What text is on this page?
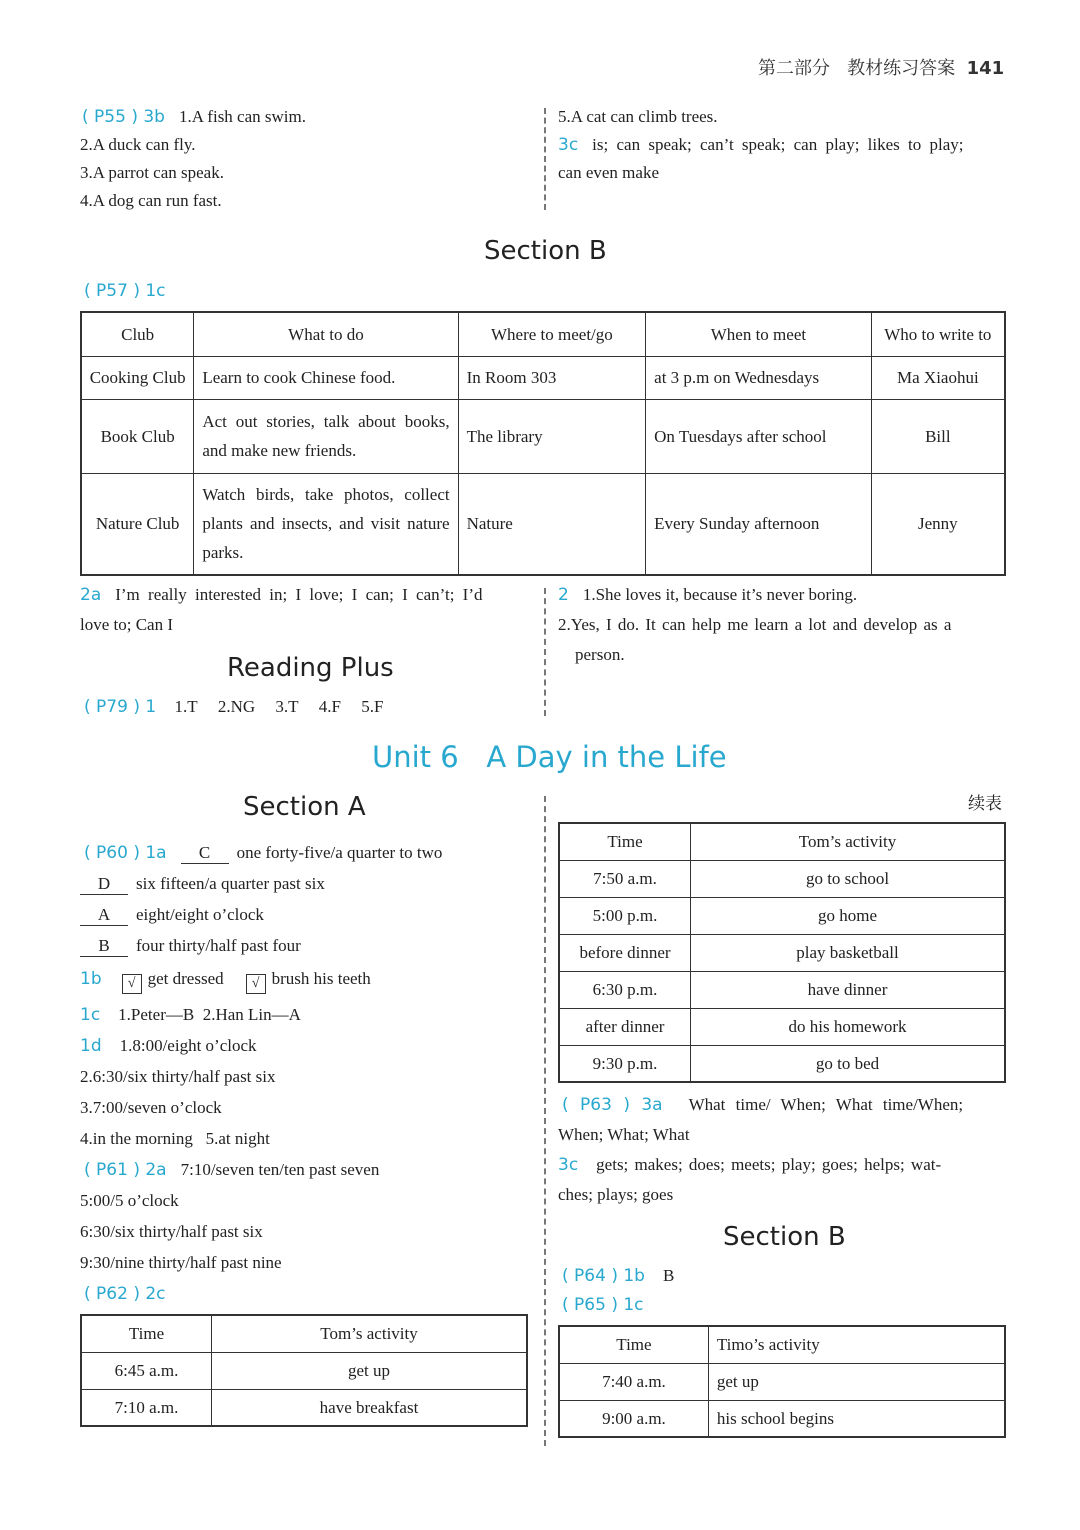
第二部分 教材练习答案 141
( P55 ) 3b 1.A fish can swim.
2.A duck can fly.
3.A parrot can speak.
4.A dog can run fast.
5.A cat can climb trees.
3c is; can speak; can’t speak; can play; likes to play;
can even make
Section B
( P57 ) 1c
Club	What to do	Where to meet/go	When to meet	Who to write to
Cooking Club	Learn to cook Chinese food.	In Room 303	at 3 p.m on Wednesdays	Ma Xiaohui
Book Club	Act out stories, talk about books, and make new friends.	The library	On Tuesdays after school	Bill
Nature Club	Watch birds, take photos, collect plants and insects, and visit nature parks.	Nature	Every Sunday afternoon	Jenny
2a I’m really interested in; I love; I can; I can’t; I’d
love to; Can I
2 1.She loves it, because it’s never boring.
2.Yes, I do. It can help me learn a lot and develop as a
person.
Reading Plus
( P79 ) 1 1.T 2.NG 3.T 4.F 5.F
Unit 6 A Day in the Life
Section A
( P60 ) 1a C one forty-five/a quarter to two
D six fifteen/a quarter past six
A eight/eight o’clock
B four thirty/half past four
1b √ get dressed √ brush his teeth
1c 1.Peter—B  2.Han Lin—A
1d 1.8:00/eight o’clock
2.6:30/six thirty/half past six
3.7:00/seven o’clock
4.in the morning   5.at night
( P61 ) 2a 7:10/seven ten/ten past seven
5:00/5 o’clock
6:30/six thirty/half past six
9:30/nine thirty/half past nine
( P62 ) 2c
Time	Tom’s activity
6:45 a.m.	get up
7:10 a.m.	have breakfast
续表
Time	Tom’s activity
7:50 a.m.	go to school
5:00 p.m.	go home
before dinner	play basketball
6:30 p.m.	have dinner
after dinner	do his homework
9:30 p.m.	go to bed
( P63 ) 3a What time/ When; What time/When;
When; What; What
3c gets; makes; does; meets; play; goes; helps; wat-
ches; plays; goes
Section B
( P64 ) 1b B
( P65 ) 1c
Time	Timo’s activity
7:40 a.m.	get up
9:00 a.m.	his school begins
